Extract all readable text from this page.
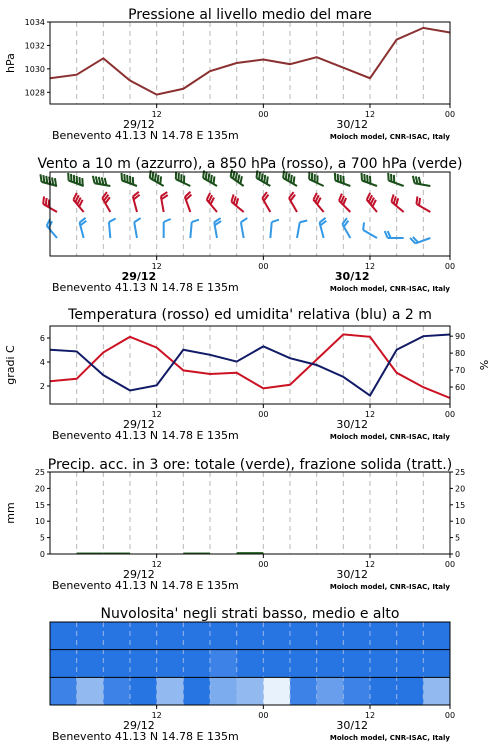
1028
1030
1032
1034
hPa
Pressione al livello medio del mare
12	00	12	00
29/12	30/12
Benevento 41.13 N 14.78 E 135m	Moloch model, CNR-ISAC, Italy
Vento a 10 m (azzurro), a 850 hPa (rosso), a 700 hPa (verde)
12	00	12	00
29/12	30/12
Benevento 41.13 N 14.78 E 135m	Moloch model, CNR-ISAC, Italy
2
4
6
gradi C
60
70
80
90
%
Temperatura (rosso) ed umidita' relativa (blu) a 2 m
12	00	12	00
29/12	30/12
Benevento 41.13 N 14.78 E 135m	Moloch model, CNR-ISAC, Italy
0
5
10
15
20
25
mm
0
5
10
15
20
25
Precip. acc. in 3 ore: totale (verde), frazione solida (tratt.)
12	00	12	00
29/12	30/12
Benevento 41.13 N 14.78 E 135m	Moloch model, CNR-ISAC, Italy
Nuvolosita' negli strati basso, medio e alto
12	00	12	00
29/12	30/12
Benevento 41.13 N 14.78 E 135m	Moloch model, CNR-ISAC, Italy
